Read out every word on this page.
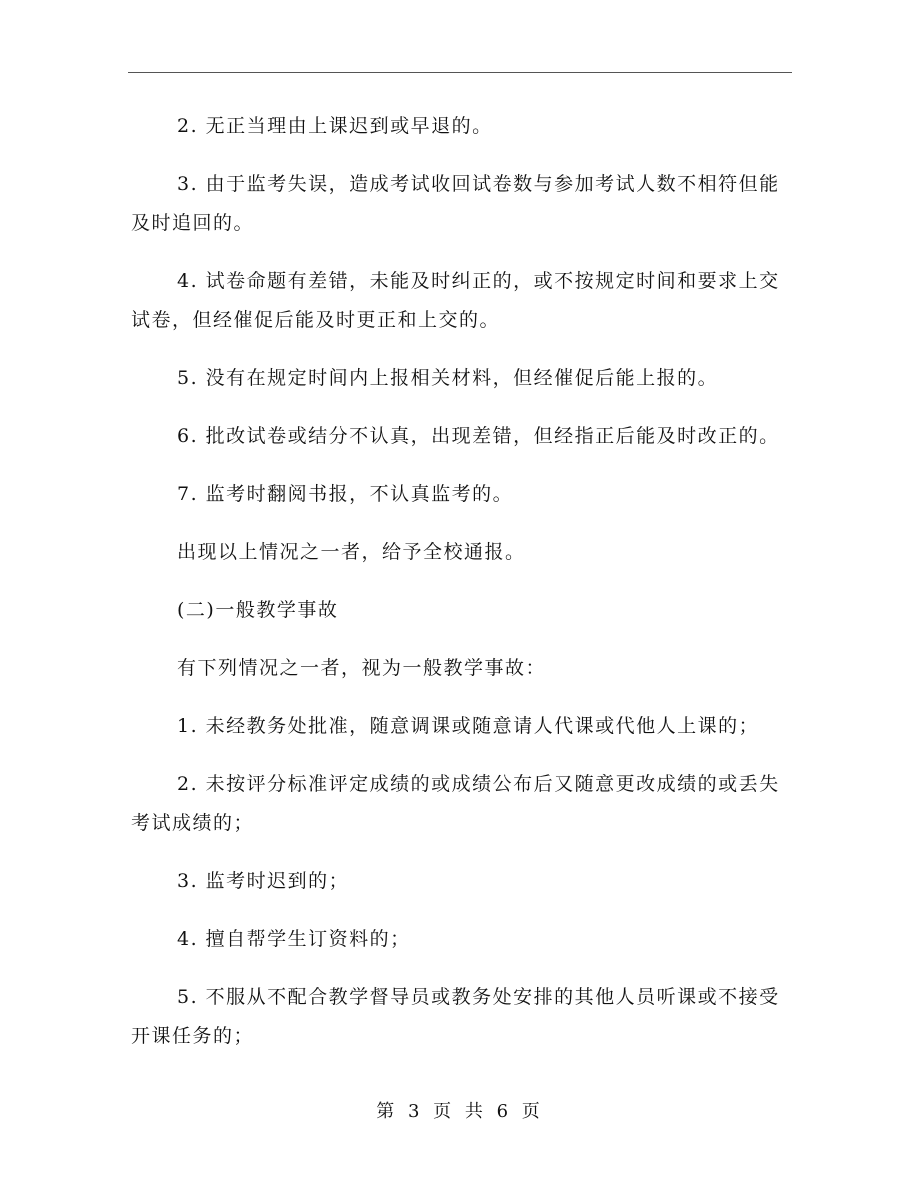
2. 无正当理由上课迟到或早退的。

3. 由于监考失误，造成考试收回试卷数与参加考试人数不相符但能及时追回的。

4. 试卷命题有差错，未能及时纠正的，或不按规定时间和要求上交试卷，但经催促后能及时更正和上交的。

5. 没有在规定时间内上报相关材料，但经催促后能上报的。

6. 批改试卷或结分不认真，出现差错，但经指正后能及时改正的。

7. 监考时翻阅书报，不认真监考的。

出现以上情况之一者，给予全校通报。

(二)一般教学事故

有下列情况之一者，视为一般教学事故：

1. 未经教务处批准，随意调课或随意请人代课或代他人上课的；

2. 未按评分标准评定成绩的或成绩公布后又随意更改成绩的或丢失考试成绩的；

3. 监考时迟到的；

4. 擅自帮学生订资料的；

5. 不服从不配合教学督导员或教务处安排的其他人员听课或不接受开课任务的；

第 3 页 共 6 页
